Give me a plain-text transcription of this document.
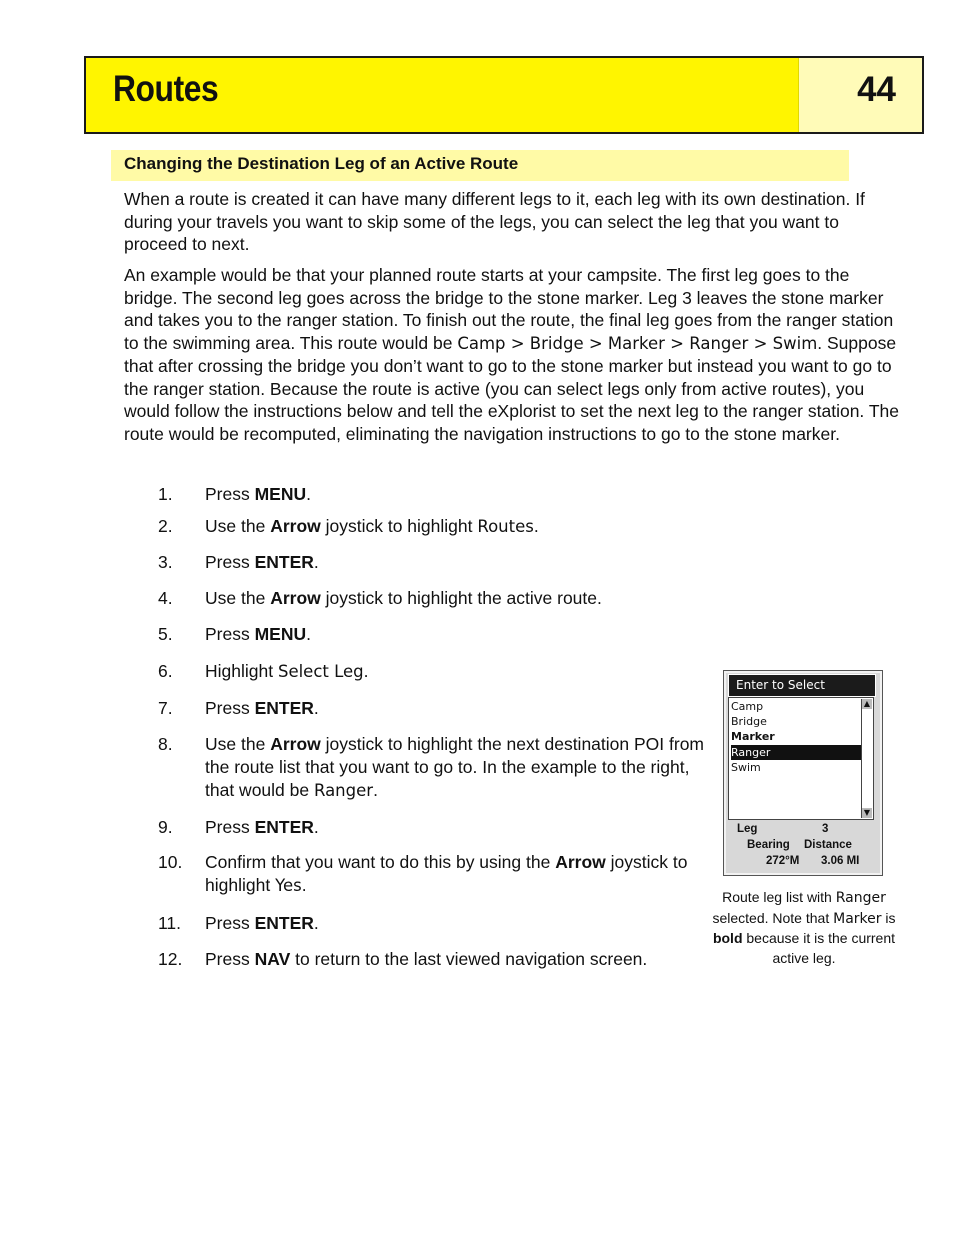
Routes	44
Changing the Destination Leg of an Active Route

When a route is created it can have many different legs to it, each leg with its own destination. If during your travels you want to skip some of the legs, you can select the leg that you want to proceed to next.

An example would be that your planned route starts at your campsite. The first leg goes to the bridge. The second leg goes across the bridge to the stone marker. Leg 3 leaves the stone marker and takes you to the ranger station. To finish out the route, the final leg goes from the ranger station to the swimming area. This route would be Camp > Bridge > Marker > Ranger > Swim. Suppose that after crossing the bridge you don’t want to go to the stone marker but instead you want to go to the ranger station. Because the route is active (you can select legs only from active routes), you would follow the instructions below and tell the eXplorist to set the next leg to the ranger station. The route would be recomputed, eliminating the navigation instructions to go to the stone marker.

1.	Press MENU.
2.	Use the Arrow joystick to highlight Routes.
3.	Press ENTER.
4.	Use the Arrow joystick to highlight the active route.
5.	Press MENU.
6.	Highlight Select Leg.
7.	Press ENTER.
8.	Use the Arrow joystick to highlight the next destination POI from the route list that you want to go to. In the example to the right, that would be Ranger.
9.	Press ENTER.
10.	Confirm that you want to do this by using the Arrow joystick to highlight Yes.
11.	Press ENTER.
12.	Press NAV to return to the last viewed navigation screen.
Enter to Select
Camp
Bridge
Marker
Ranger
Swim
▲
▼
Leg	3
Bearing Distance
272°M 3.06 MI
Route leg list with Ranger selected. Note that Marker is bold because it is the current active leg.
